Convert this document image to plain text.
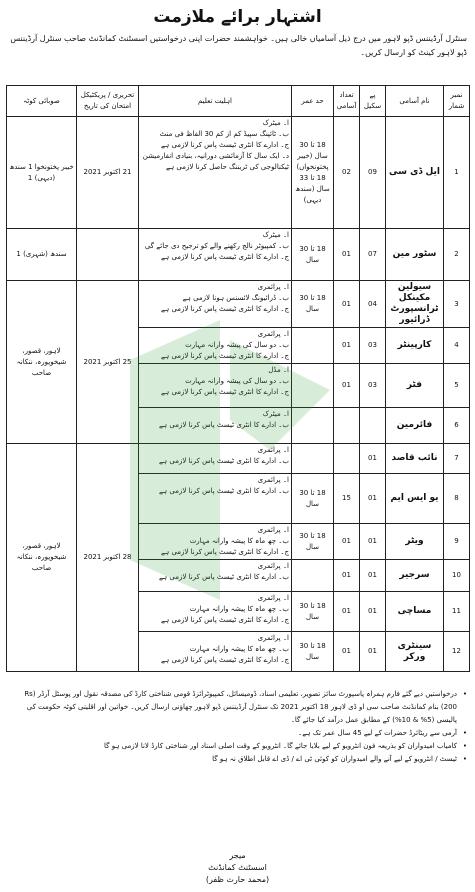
اشتہار برائے ملازمت
سنٹرل آرڈیننس ڈپو لاہور میں درج ذیل آسامیاں خالی ہیں۔ خواہشمند حضرات اپنی درخواستیں اسسٹنٹ کمانڈنٹ صاحب سنٹرل آرڈیننس ڈپو لاہور کینٹ کو ارسال کریں۔
نمبر شمار	نام آسامی	پے سکیل	تعداد آسامی	حد عمر	اہلیت تعلیم	تحریری / پریکٹیکل امتحان کی تاریخ	صوبائی کوٹہ
1	ایل ڈی سی	09	02	18 تا 30 سال (خیبر پختونخواں) 18 تا 33 سال (سندھ دیہی)	ا۔ میٹرک
ب۔ ٹائپنگ سپیڈ کم از کم 30 الفاظ فی منٹ
ج۔ ادارے کا انٹری ٹیسٹ پاس کرنا لازمی ہے
د۔ ایک سال کا آزمائشی دورانیہ، بنیادی انفارمیشن ٹیکنالوجی کی ٹریننگ حاصل کرنا لازمی ہے	21 اکتوبر 2021	خیبر پختونخوا 1 سندھ (دیہی) 1
2	سٹور مین	07	01	18 تا 30 سال	ا۔ میٹرک
ب۔ کمپیوٹر نالج رکھنے والے کو ترجیح دی جائے گی
ج۔ ادارے کا انٹری ٹیسٹ پاس کرنا لازمی ہے		سندھ (شہری) 1
3	سیولین مکینکل ٹرانسپورٹ ڈرائیور	04	01	18 تا 30 سال	ا۔ پرائمری
ب۔ ڈرائیونگ لائسنس ہونا لازمی ہے
ج۔ ادارے کا انٹری ٹیسٹ پاس کرنا لازمی ہے	25 اکتوبر 2021	لاہور، قصور، شیخوپورہ، ننکانہ صاحب
4	کارپینٹر	03	01		ا۔ پرائمری
ب۔ دو سال کی پیشہ وارانہ مہارت
ج۔ ادارے کا انٹری ٹیسٹ پاس کرنا لازمی ہے		

5	فٹر	03	01		ا۔ مڈل
ب۔ دو سال کی پیشہ وارانہ مہارت
ج۔ ادارے کا انٹری ٹیسٹ پاس کرنا لازمی ہے		

6	فائرمین				ا۔ میٹرک
ب۔ ادارے کا انٹری ٹیسٹ پاس کرنا لازمی ہے		

7	نائب قاصد	01			ا۔ پرائمری
ب۔ ادارے کا انٹری ٹیسٹ پاس کرنا لازمی ہے	28 اکتوبر 2021	لاہور، قصور، شیخوپورہ، ننکانہ صاحب
8	یو ایس ایم	01	15	18 تا 30 سال	ا۔ پرائمری
ب۔ ادارے کا انٹری ٹیسٹ پاس کرنا لازمی ہے		

9	ویٹر	01	01	18 تا 30 سال	ا۔ پرائمری
ب۔ چھ ماہ کا پیشہ وارانہ مہارت
ج۔ ادارے کا انٹری ٹیسٹ پاس کرنا لازمی ہے		

10	سرجیر	01	01		ا۔ پرائمری
ب۔ ادارے کا انٹری ٹیسٹ پاس کرنا لازمی ہے		

11	مساچی	01	01	18 تا 30 سال	ا۔ پرائمری
ب۔ چھ ماہ کا پیشہ وارانہ مہارت
ج۔ ادارے کا انٹری ٹیسٹ پاس کرنا لازمی ہے		

12	سینٹری ورکر	01	01	18 تا 30 سال	ا۔ پرائمری
ب۔ چھ ماہ کا پیشہ وارانہ مہارت
ج۔ ادارے کا انٹری ٹیسٹ پاس کرنا لازمی ہے		
• درخواستیں دیے گئے فارم ہمراہ پاسپورٹ سائز تصویر، تعلیمی اسناد، ڈومیسائل، کمپیوٹرائزڈ قومی شناختی کارڈ کی مصدقہ نقول اور پوسٹل آرڈر (Rs 200) بنام کمانڈنٹ صاحب سی او ڈی لاہور 18 اکتوبر 2021 تک سنٹرل آرڈیننس ڈپو لاہور چھاؤنی ارسال کریں۔ خواتین اور اقلیتی کوٹہ حکومت کی پالیسی (5% & 10%) کے مطابق عمل درآمد کیا جائے گا۔
• آرمی سے ریٹائرڈ حضرات کے لیے 45 سال عمر تک ہے۔
• کامیاب امیدواران کو بذریعہ فون انٹرویو کے لیے بلایا جائے گا۔ انٹرویو کے وقت اصلی اسناد اور شناختی کارڈ لانا لازمی ہو گا
• ٹیسٹ / انٹرویو کے لیے آنے والے امیدواران کو کوئی ٹی اے / ڈی اے قابل اطلاق نہ ہو گا
میجر
اسسٹنٹ کمانڈنٹ
(محمد حارث ظفر)
